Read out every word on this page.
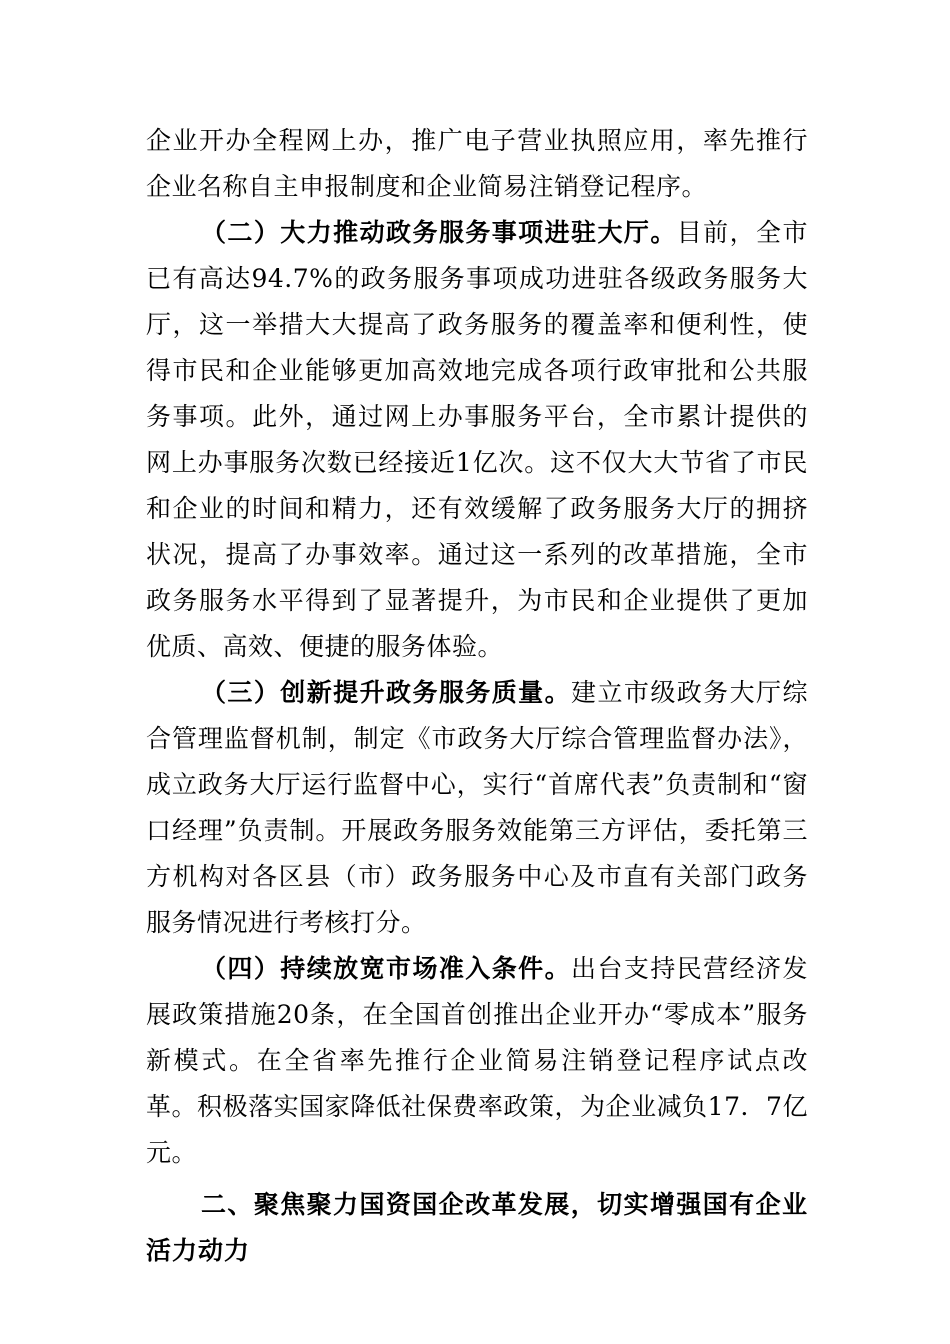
企业开办全程网上办，推广电子营业执照应用，率先推行企业名称自主申报制度和企业简易注销登记程序。

（二）大力推动政务服务事项进驻大厅。目前，全市已有高达94.7%的政务服务事项成功进驻各级政务服务大厅，这一举措大大提高了政务服务的覆盖率和便利性，使得市民和企业能够更加高效地完成各项行政审批和公共服务事项。此外，通过网上办事服务平台，全市累计提供的网上办事服务次数已经接近1亿次。这不仅大大节省了市民和企业的时间和精力，还有效缓解了政务服务大厅的拥挤状况，提高了办事效率。通过这一系列的改革措施，全市政务服务水平得到了显著提升，为市民和企业提供了更加优质、高效、便捷的服务体验。

（三）创新提升政务服务质量。建立市级政务大厅综合管理监督机制，制定《市政务大厅综合管理监督办法》，成立政务大厅运行监督中心，实行“首席代表”负责制和“窗口经理”负责制。开展政务服务效能第三方评估，委托第三方机构对各区县（市）政务服务中心及市直有关部门政务服务情况进行考核打分。

（四）持续放宽市场准入条件。出台支持民营经济发展政策措施20条，在全国首创推出企业开办“零成本”服务新模式。在全省率先推行企业简易注销登记程序试点改革。积极落实国家降低社保费率政策，为企业减负17．7亿元。

二、聚焦聚力国资国企改革发展，切实增强国有企业活力动力
